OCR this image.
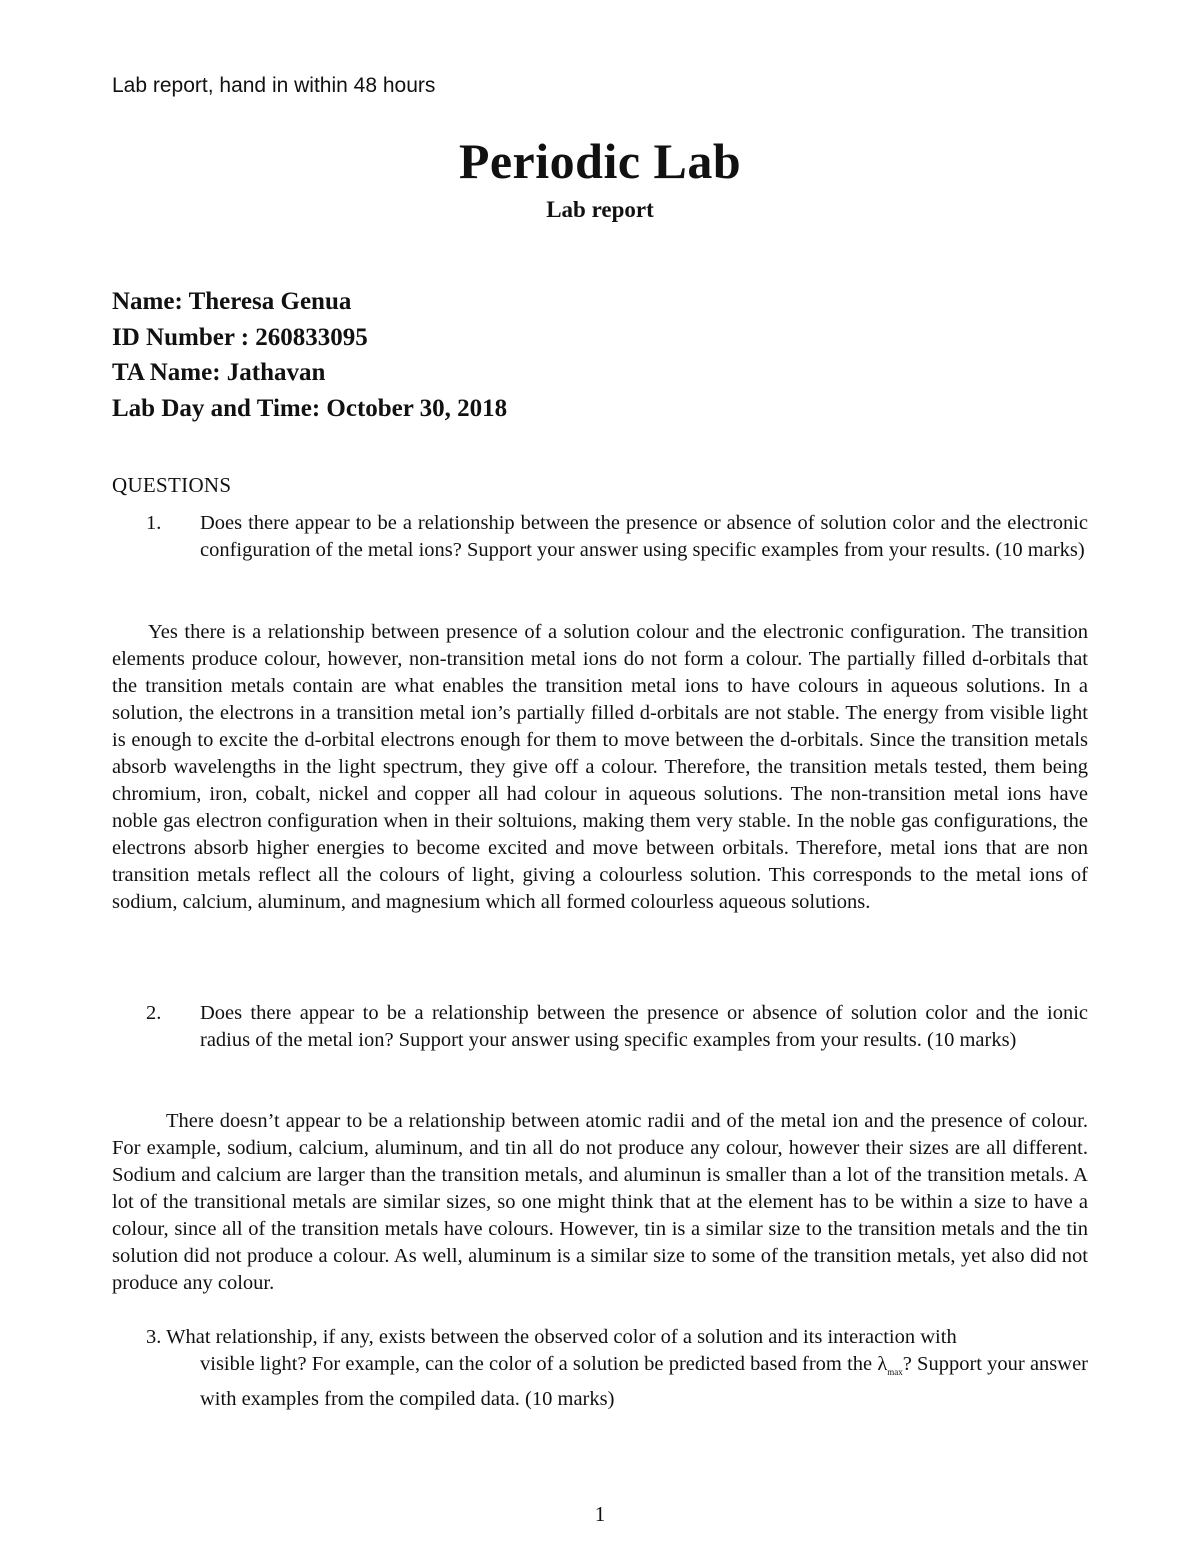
Lab report, hand in within 48 hours
Periodic Lab
Lab report
Name: Theresa Genua
ID Number : 260833095
TA Name: Jathavan
Lab Day and Time: October 30, 2018
QUESTIONS
1. Does there appear to be a relationship between the presence or absence of solution color and the electronic configuration of the metal ions? Support your answer using specific examples from your results. (10 marks)
Yes there is a relationship between presence of a solution colour and the electronic configuration. The transition elements produce colour, however, non-transition metal ions do not form a colour. The partially filled d-orbitals that the transition metals contain are what enables the transition metal ions to have colours in aqueous solutions. In a solution, the electrons in a transition metal ion’s partially filled d-orbitals are not stable. The energy from visible light is enough to excite the d-orbital electrons enough for them to move between the d-orbitals. Since the transition metals absorb wavelengths in the light spectrum, they give off a colour. Therefore, the transition metals tested, them being chromium, iron, cobalt, nickel and copper all had colour in aqueous solutions. The non-transition metal ions have noble gas electron configuration when in their soltuions, making them very stable. In the noble gas configurations, the electrons absorb higher energies to become excited and move between orbitals. Therefore, metal ions that are non transition metals reflect all the colours of light, giving a colourless solution. This corresponds to the metal ions of sodium, calcium, aluminum, and magnesium which all formed colourless aqueous solutions.
2. Does there appear to be a relationship between the presence or absence of solution color and the ionic radius of the metal ion? Support your answer using specific examples from your results. (10 marks)
There doesn’t appear to be a relationship between atomic radii and of the metal ion and the presence of colour. For example, sodium, calcium, aluminum, and tin all do not produce any colour, however their sizes are all different. Sodium and calcium are larger than the transition metals, and aluminun is smaller than a lot of the transition metals. A lot of the transitional metals are similar sizes, so one might think that at the element has to be within a size to have a colour, since all of the transition metals have colours. However, tin is a similar size to the transition metals and the tin solution did not produce a colour. As well, aluminum is a similar size to some of the transition metals, yet also did not produce any colour.
3. What relationship, if any, exists between the observed color of a solution and its interaction with
visible light? For example, can the color of a solution be predicted based from the $\lambda_{max}$? Support your answer with examples from the compiled data. (10 marks)
1
